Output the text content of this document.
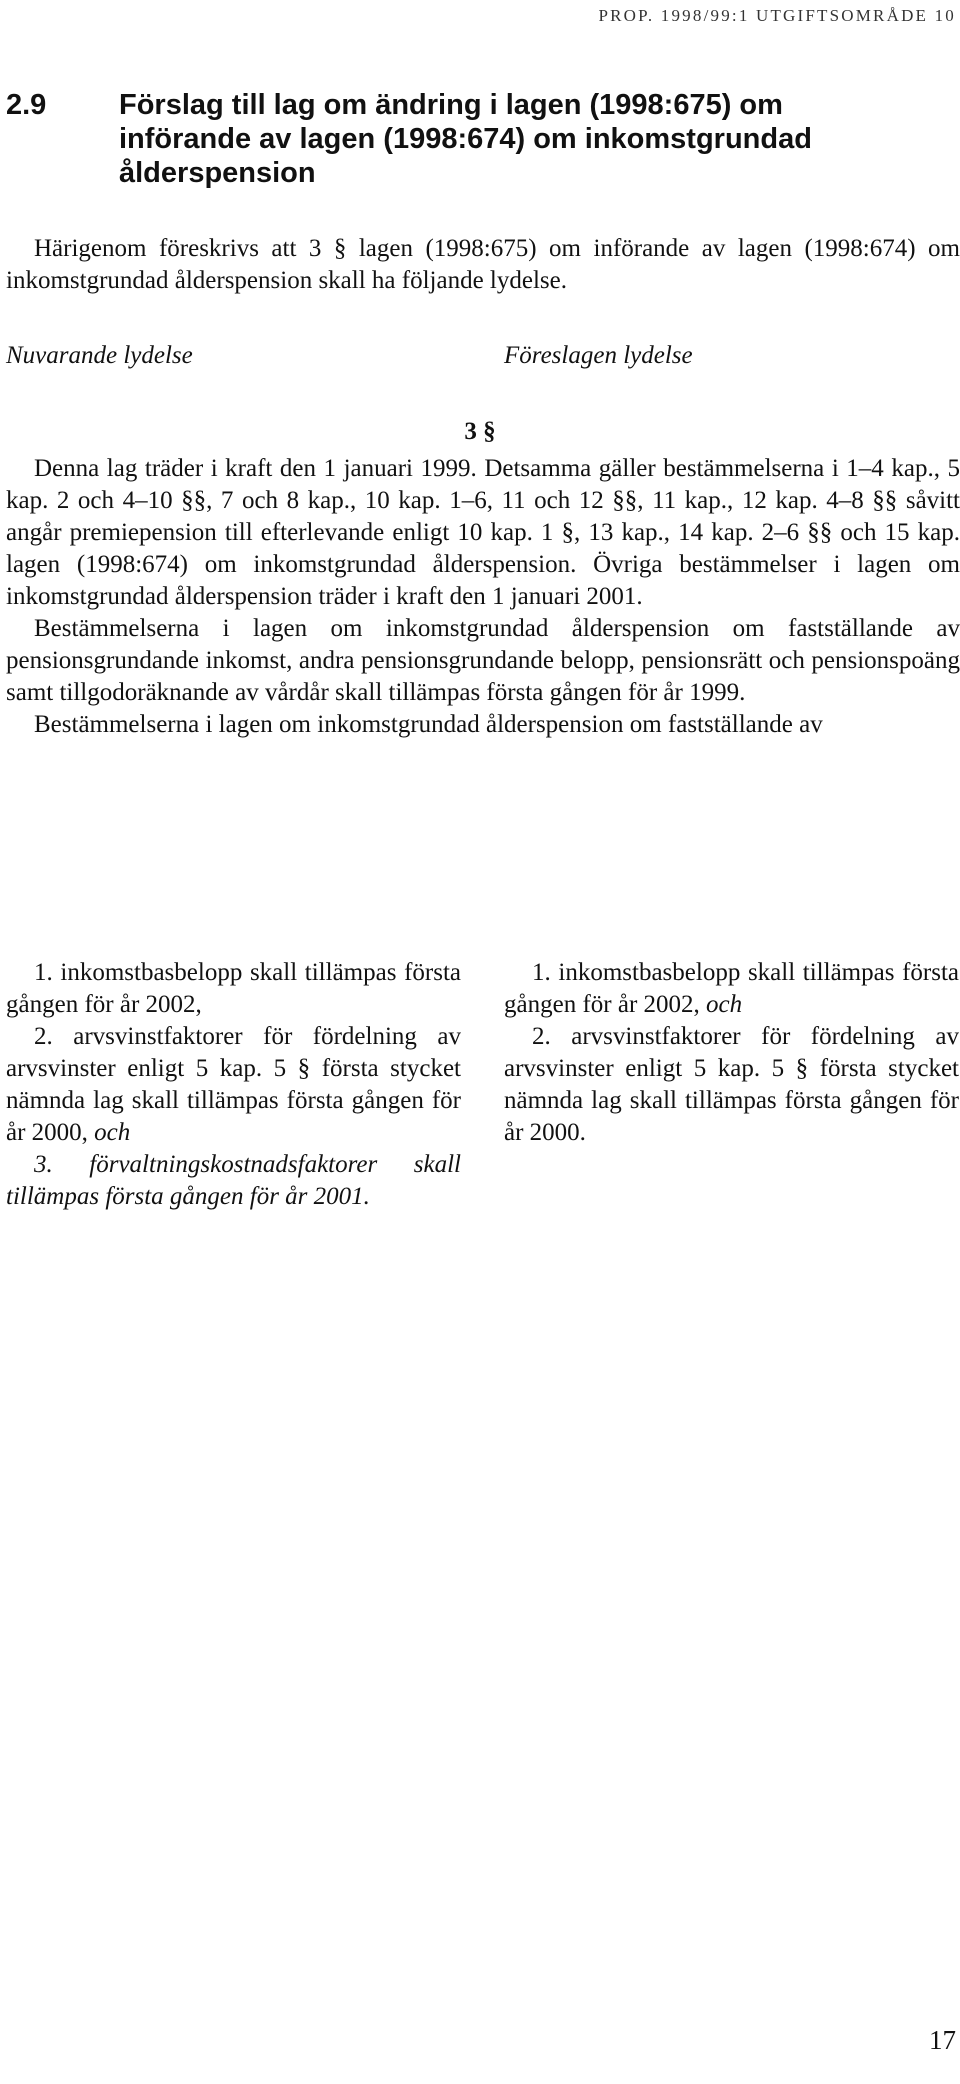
PROP. 1998/99:1 UTGIFTSOMRÅDE 10
2.9	Förslag till lag om ändring i lagen (1998:675) om införande av lagen (1998:674) om inkomstgrundad ålderspension

Härigenom föreskrivs att 3 § lagen (1998:675) om införande av lagen (1998:674) om inkomstgrundad ålderspension skall ha följande lydelse.

Nuvarande lydelse	Föreslagen lydelse
3 §

Denna lag träder i kraft den 1 januari 1999. Detsamma gäller bestämmelserna i 1–4 kap., 5 kap. 2 och 4–10 §§, 7 och 8 kap., 10 kap. 1–6, 11 och 12 §§, 11 kap., 12 kap. 4–8 §§ såvitt angår premiepension till efterlevande enligt 10 kap. 1 §, 13 kap., 14 kap. 2–6 §§ och 15 kap. lagen (1998:674) om inkomstgrundad ålderspension. Övriga bestämmelser i lagen om inkomstgrundad ålderspension träder i kraft den 1 januari 2001.

Bestämmelserna i lagen om inkomstgrundad ålderspension om fastställande av pensionsgrundande inkomst, andra pensionsgrundande belopp, pensionsrätt och pensionspoäng samt tillgodoräknande av vårdår skall tillämpas första gången för år 1999.

Bestämmelserna i lagen om inkomstgrundad ålderspension om fastställande av

1. inkomstbasbelopp skall tillämpas första gången för år 2002,

2. arvsvinstfaktorer för fördelning av arvsvinster enligt 5 kap. 5 § första stycket nämnda lag skall tillämpas första gången för år 2000, och

3. förvaltningskostnadsfaktorer skall tillämpas första gången för år 2001.

1. inkomstbasbelopp skall tillämpas första gången för år 2002, och

2. arvsvinstfaktorer för fördelning av arvsvinster enligt 5 kap. 5 § första stycket nämnda lag skall tillämpas första gången för år 2000.

17
